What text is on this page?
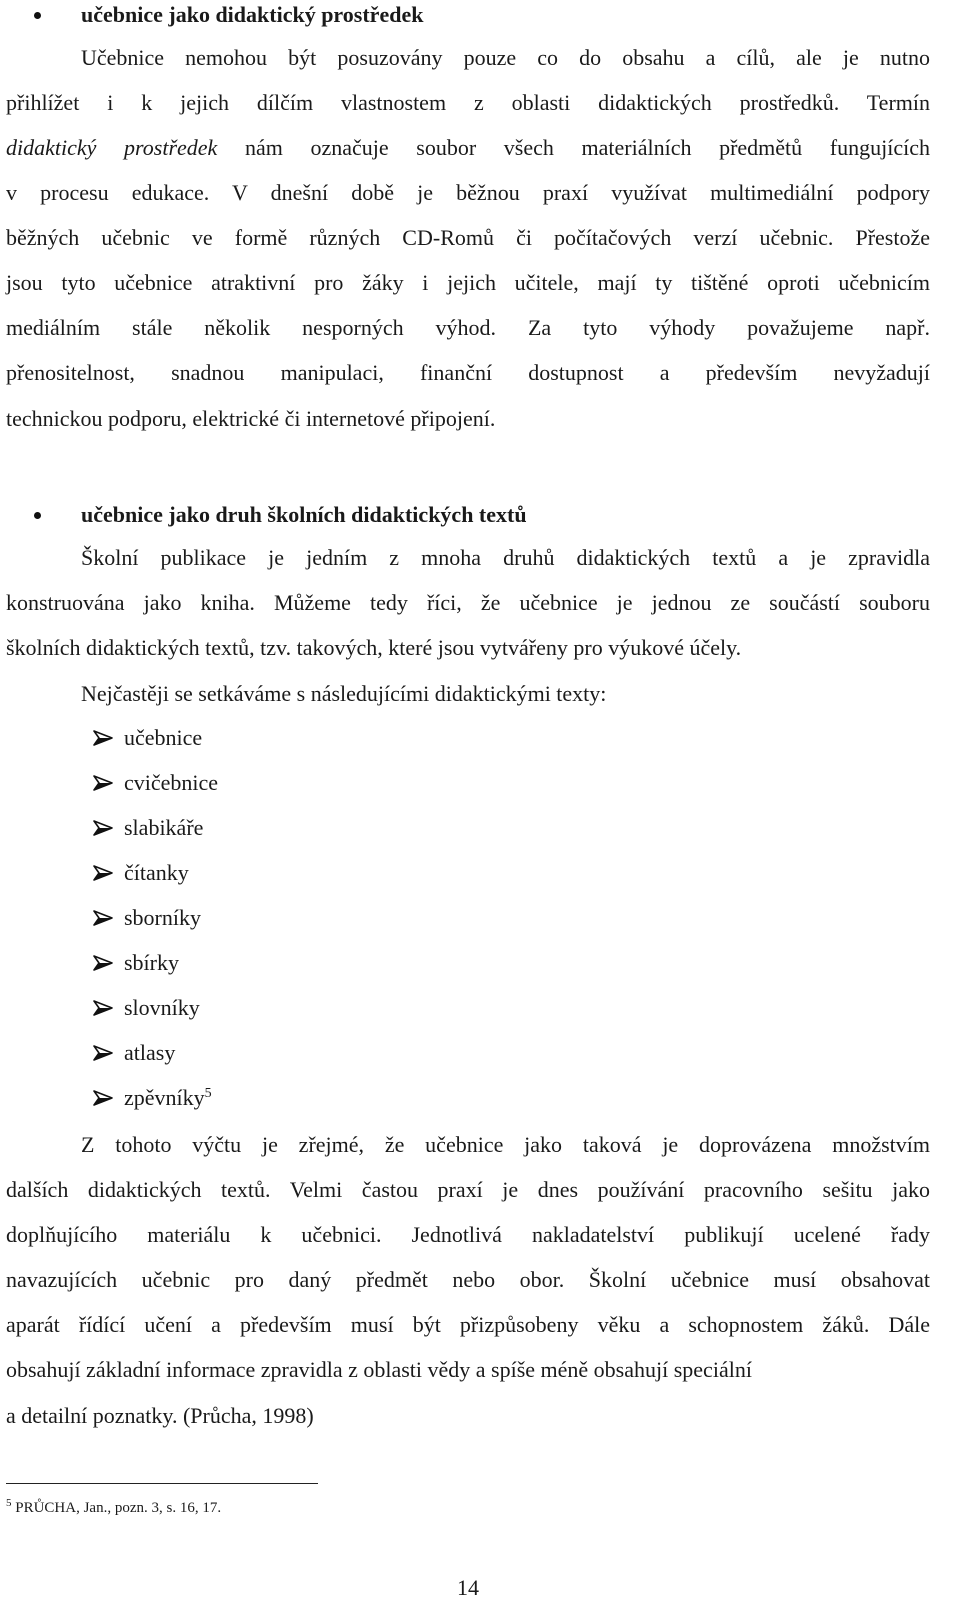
učebnice jako didaktický prostředek
Učebnice nemohou být posuzovány pouze co do obsahu a cílů, ale je nutno
přihlížet i k jejich dílčím vlastnostem z oblasti didaktických prostředků. Termín
didaktický prostředek nám označuje soubor všech materiálních předmětů fungujících
v procesu edukace. V dnešní době je běžnou praxí využívat multimediální podpory
běžných učebnic ve formě různých CD-Romů či počítačových verzí učebnic. Přestože
jsou tyto učebnice atraktivní pro žáky i jejich učitele, mají ty tištěné oproti učebnicím
mediálním stále několik nesporných výhod. Za tyto výhody považujeme např.
přenositelnost, snadnou manipulaci, finanční dostupnost a především nevyžadují
technickou podporu, elektrické či internetové připojení.
učebnice jako druh školních didaktických textů
Školní publikace je jedním z mnoha druhů didaktických textů a je zpravidla
konstruována jako kniha. Můžeme tedy říci, že učebnice je jednou ze součástí souboru
školních didaktických textů, tzv. takových, které jsou vytvářeny pro výukové účely.
Nejčastěji se setkáváme s následujícími didaktickými texty:
učebnice
cvičebnice
slabikáře
čítanky
sborníky
sbírky
slovníky
atlasy
zpěvníky$^5$
Z tohoto výčtu je zřejmé, že učebnice jako taková je doprovázena množstvím
dalších didaktických textů. Velmi častou praxí je dnes používání pracovního sešitu jako
doplňujícího materiálu k učebnici. Jednotlivá nakladatelství publikují ucelené řady
navazujících učebnic pro daný předmět nebo obor. Školní učebnice musí obsahovat
aparát řídící učení a především musí být přizpůsobeny věku a schopnostem žáků. Dále
obsahují základní informace zpravidla z oblasti vědy a spíše méně obsahují speciální
a detailní poznatky. (Průcha, 1998)
$^5$ PRŮCHA, Jan., pozn. 3, s. 16, 17.
14
